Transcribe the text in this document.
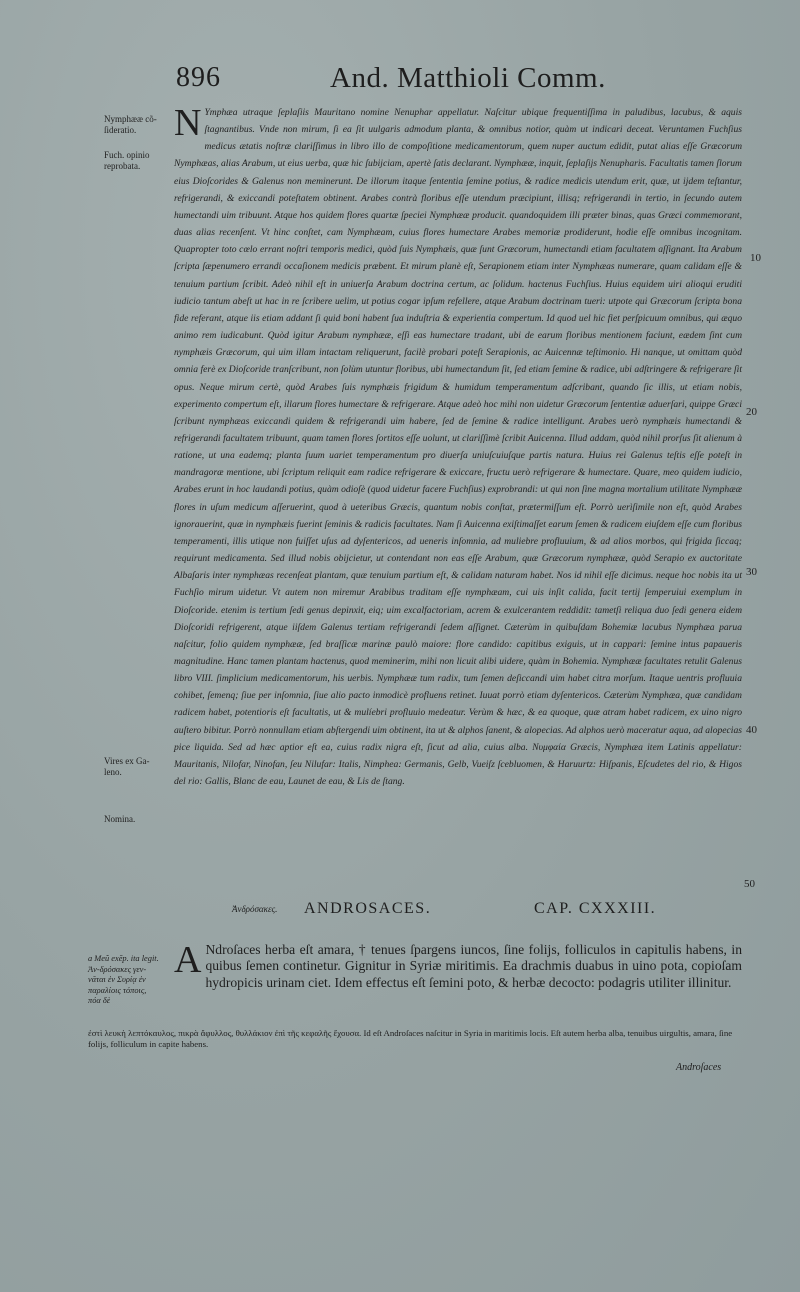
896	And. Matthioli Comm.
Nymphææ cõ-
ſideratio.
Fuch. opinio
reprobata.
Vires ex Ga-
leno.
Nomina.
10
20
30
40
50

N Ymphæa utraque ſeplaſiis Mauritano nomine Nenuphar appellatur. Naſcitur ubique frequentiſſima in paludibus, lacubus, & aquis ſtagnantibus. Vnde non mirum, ſi ea ſit uulgaris admodum planta, & omnibus notior, quàm ut indicari deceat. Veruntamen Fuchſius medicus ætatis noſtræ clariſſimus in libro illo de compoſitione medicamentorum, quem nuper auctum edidit, putat alias eſſe Græcorum Nymphæas, alias Arabum, ut eius uerba, quæ hic ſubijciam, apertè ſatis declarant. Nymphææ, inquit, ſeplaſijs Nenupharis. Facultatis tamen ſlorum eius Dioſcorides & Galenus non meminerunt. De illorum itaque ſententia ſemine potius, & radice medicis utendum erit, quæ, ut ijdem teſtantur, refrigerandi, & exiccandi poteſtatem obtinent. Arabes contrà floribus eſſe utendum præcipiunt, illisq; refrigerandi in tertio, in ſecundo autem humectandi uim tribuunt. Atque hos quidem flores quartæ ſpeciei Nymphææ producit. quandoquidem illi præter binas, quas Græci commemorant, duas alias recenſent. Vt hinc conſtet, cam Nymphæam, cuius flores humectare Arabes memoriæ prodiderunt, hodie eſſe omnibus incognitam. Quapropter toto cœlo errant noſtri temporis medici, quòd ſuis Nymphæis, quæ ſunt Græcorum, humectandi etiam facultatem aſſignant. Ita Arabum ſcripta ſæpenumero errandi occaſionem medicis præbent. Et mirum planè eſt, Serapionem etiam inter Nymphæas numerare, quam calidam eſſe & tenuium partium ſcribit. Adeò nihil eſt in uniuerſa Arabum doctrina certum, ac ſolidum. hactenus Fuchſius. Huius equidem uiri alioqui eruditi iudicio tantum abeſt ut hac in re ſcribere uelim, ut potius cogar ipſum refellere, atque Arabum doctrinam tueri: utpote qui Græcorum ſcripta bona fide referant, atque iis etiam addant ſi quid boni habent ſua induſtria & experientia compertum. Id quod uel hic fiet perſpicuum omnibus, qui æquo animo rem iudicabunt. Quòd igitur Arabum nymphææ, eſſi eas humectare tradant, ubi de earum floribus mentionem faciunt, eædem ſint cum nymphæis Græcorum, qui uim illam intactam reliquerunt, facilè probari poteſt Serapionis, ac Auicennæ teſtimonio. Hi nanque, ut omittam quòd omnia ferè ex Dioſcoride tranſcribunt, non ſolùm utuntur floribus, ubi humectandum ſit, ſed etiam ſemine & radice, ubi adſtringere & refrigerare ſit opus. Neque mirum certè, quòd Arabes ſuis nymphæis frigidum & humidum temperamentum adſcribant, quando ſic illis, ut etiam nobis, experimento compertum eſt, illarum flores humectare & refrigerare. Atque adeò hoc mihi non uidetur Græcorum ſententiæ aduerſari, quippe Græci ſcribunt nymphæas exiccandi quidem & refrigerandi uim habere, ſed de ſemine & radice intelligunt. Arabes uerò nymphæis humectandi & refrigerandi facultatem tribuunt, quam tamen flores ſortitos eſſe uolunt, ut clariſſimè ſcribit Auicenna. Illud addam, quòd nihil prorſus ſit alienum à ratione, ut una eademq; planta ſuum uariet temperamentum pro diuerſa uniuſcuiuſque partis natura. Huius rei Galenus teſtis eſſe poteſt in mandragoræ mentione, ubi ſcriptum reliquit eam radice refrigerare & exiccare, fructu uerò refrigerare & humectare. Quare, meo quidem iudicio, Arabes erunt in hoc laudandi potius, quàm odioſè (quod uidetur facere Fuchſius) exprobrandi: ut qui non ſine magna mortalium utilitate Nymphææ flores in uſum medicum aſſeruerint, quod à ueteribus Græcis, quantum nobis conſtat, prætermiſſum eſt. Porrò uerìſimile non eſt, quòd Arabes ignorauerint, quæ in nymphæis fuerint ſeminis & radicis facultates. Nam ſi Auicenna exiſtimaſſet earum ſemen & radicem eiuſdem eſſe cum floribus temperamenti, illis utique non fuiſſet uſus ad dyſentericos, ad ueneris inſomnia, ad muliebre profluuium, & ad alios morbos, qui frigida ſiccaq; requirunt medicamenta. Sed illud nobis obijcietur, ut contendant non eas eſſe Arabum, quæ Græcorum nymphææ, quòd Serapio ex auctoritate Albaſaris inter nymphæas recenſeat plantam, quæ tenuium partium eſt, & calidam naturam habet. Nos id nihil eſſe dicimus. neque hoc nobis ita ut Fuchſio mirum uidetur. Vt autem non miremur Arabibus traditam eſſe nymphæam, cui uis inſit calida, facit tertij ſemperuiui exemplum in Dioſcoride. etenim is tertium ſedi genus depinxit, eiq; uim excalfactoriam, acrem & exulcerantem reddidit: tametſi reliqua duo ſedi genera eidem Dioſcoridi refrigerent, atque iiſdem Galenus tertiam refrigerandi ſedem aſſignet. Cæterùm in quibuſdam Bohemiæ lacubus Nymphæa parua naſcitur, folio quidem nymphææ, ſed braſſicæ marinæ paulò maiore: flore candido: capitibus exiguis, ut in cappari: ſemine intus papaueris magnitudine. Hanc tamen plantam hactenus, quod meminerim, mihi non licuit alibi uidere, quàm in Bohemia. Nymphææ facultates retulit Galenus libro VIII. ſimplicium medicamentorum, his uerbis. Nymphææ tum radix, tum ſemen deſiccandi uim habet citra morſum. Itaque uentris profluuia cohibet, ſemenq; ſiue per inſomnia, ſiue alio pacto inmodicè profluens retinet. Iuuat porrò etiam dyſentericos. Cæterùm Nymphæa, quæ candidam radicem habet, potentioris eſt facultatis, ut & mulíebri profluuio medeatur. Verùm & hæc, & ea quoque, quæ atram habet radicem, ex uino nigro auſtero bibitur. Porrò nonnullam etiam abſtergendi uim obtinent, ita ut & alphos ſanent, & alopecias. Ad alphos uerò maceratur aqua, ad alopecias pice liquida. Sed ad hæc aptior eſt ea, cuius radix nigra eſt, ſicut ad alia, cuius alba. Νυμφαία Græcis, Nymphæa item Latinis appellatur: Mauritanis, Nilofar, Ninofan, ſeu Nilufar: Italis, Nimphea: Germanis, Gelb, Vueiſz ſcebluomen, & Haruurtz: Hiſpanis, Eſcudetes del rio, & Higos del rio: Gallis, Blanc de eau, Launet de eau, & Lis de ſtang.

Ἀνδρόσακες. ANDROSACES.	CAP. CXXXIII.
a Meũ exēp. ita legit. Ἀν-δρόσακες γεν-νᾶται ἐν Συρίᾳ ἐν παραλίοις τόποις, πόα δὲ

A Ndroſaces herba eſt amara, † tenues ſpargens iuncos, ſine folijs, folliculos in capitulis habens, in quibus ſemen continetur. Gignitur in Syriæ miritimis. Ea drachmis duabus in uino pota, copioſam hydropicis urinam ciet. Idem effectus eſt ſemini poto, & herbæ decocto: podagris utiliter illinitur.

ἐστὶ λευκὴ λεπτόκαυλος, πικρὰ ἄφυλλος, θυλλάκιον ἐπὶ τῆς κεφαλῆς ἔχουσα. Id eſt Androſaces naſcitur in Syria in maritimis locis. Eſt autem herba alba, tenuibus uirgultis, amara, ſine folijs, folliculum in capite habens.
Androſaces
